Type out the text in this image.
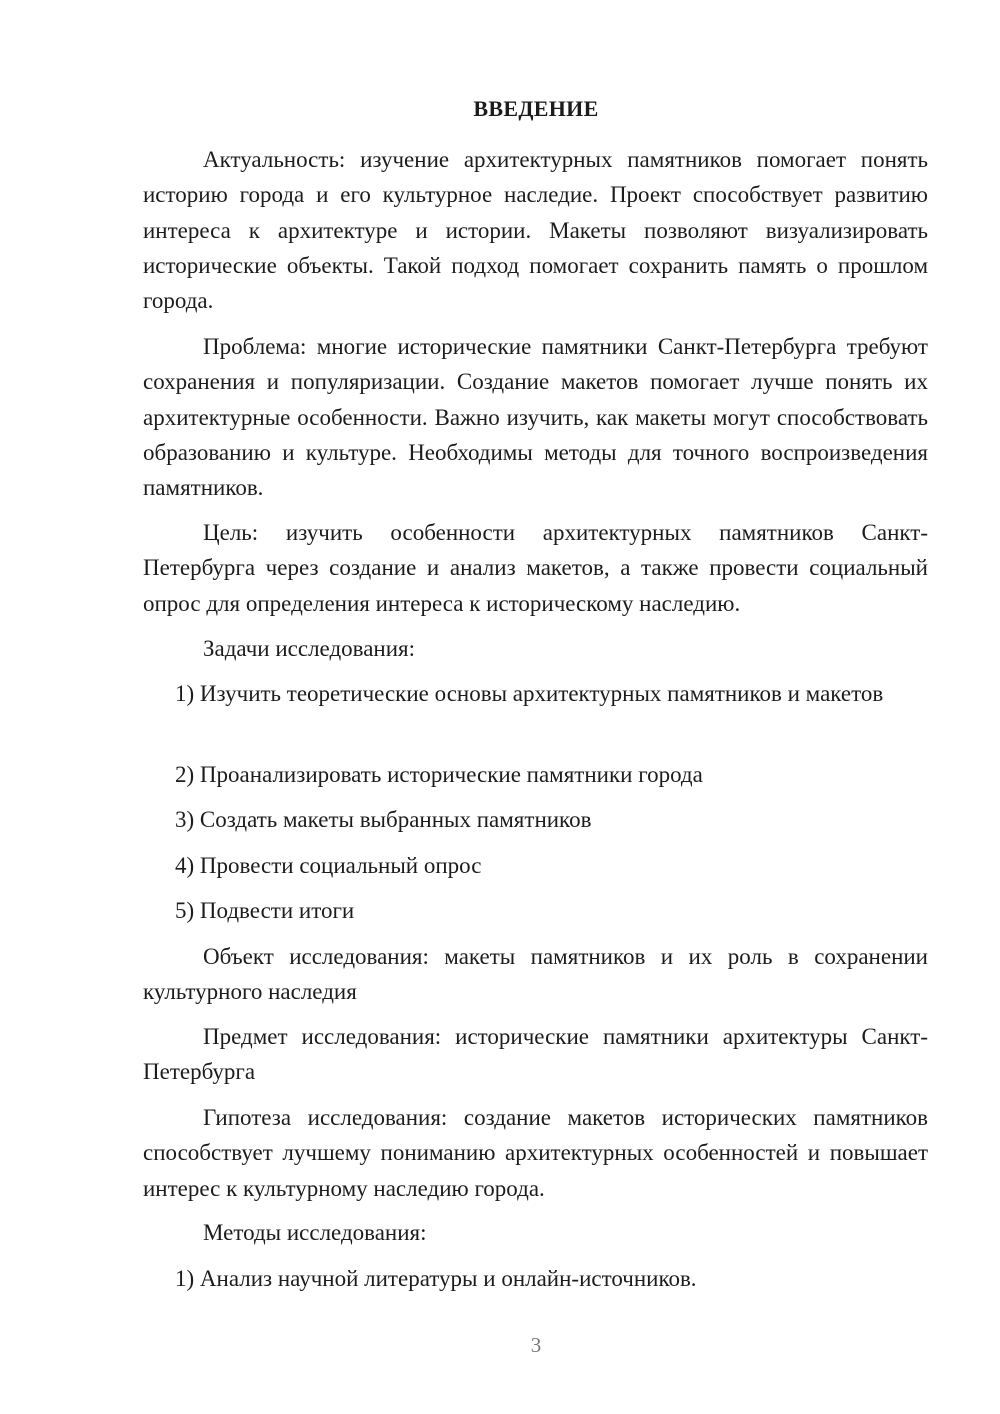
ВВЕДЕНИЕ

Актуальность: изучение архитектурных памятников помогает понять историю города и его культурное наследие. Проект способствует развитию интереса к архитектуре и истории. Макеты позволяют визуализировать исторические объекты. Такой подход помогает сохранить память о прошлом города.

Проблема: многие исторические памятники Санкт-Петербурга требуют сохранения и популяризации. Создание макетов помогает лучше понять их архитектурные особенности. Важно изучить, как макеты могут способствовать образованию и культуре. Необходимы методы для точного воспроизведения памятников.

Цель: изучить особенности архитектурных памятников Санкт-Петербурга через создание и анализ макетов, а также провести социальный опрос для определения интереса к историческому наследию.

Задачи исследования:

1) Изучить теоретические основы архитектурных памятников и макетов

2) Проанализировать исторические памятники города

3) Создать макеты выбранных памятников

4) Провести социальный опрос

5) Подвести итоги

Объект исследования: макеты памятников и их роль в сохранении культурного наследия

Предмет исследования: исторические памятники архитектуры Санкт-Петербурга

Гипотеза исследования: создание макетов исторических памятников способствует лучшему пониманию архитектурных особенностей и повышает интерес к культурному наследию города.

Методы исследования:

1) Анализ научной литературы и онлайн-источников.

3
